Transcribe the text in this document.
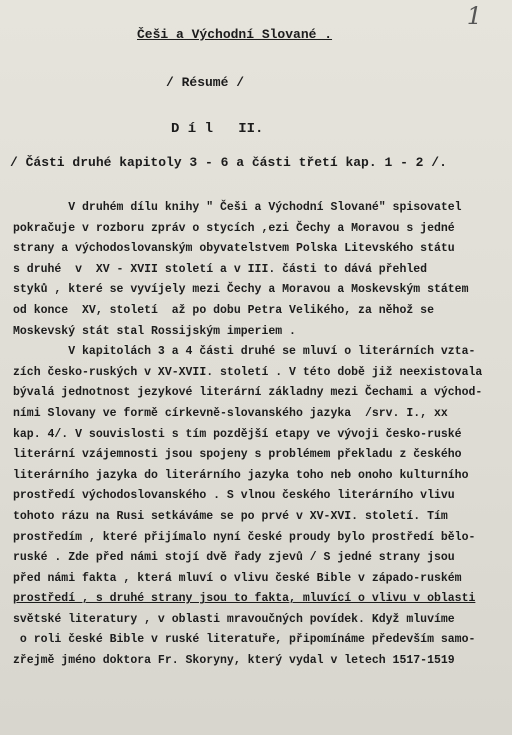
1
Češi a Východní Slované .
/ Résumé /
D í l   II.
/ Části druhé kapitoly 3 - 6 a části třetí kap. 1 - 2 /.
V druhém dílu knihy " Češi a Východní Slované" spisovatel
pokračuje v rozboru zpráv o stycích ,ezi Čechy a Moravou s jedné
strany a východoslovanským obyvatelstvem Polska Litevského státu
s druhé  v  XV - XVII století a v III. části to dává přehled
styků , které se vyvíjely mezi Čechy a Moravou a Moskevským státem
od konce  XV, století  až po dobu Petra Velikého, za něhož se
Moskevský stát stal Rossijským imperiem .
V kapitolách 3 a 4 části druhé se mluví o literárních vzta-
zích česko-ruských v XV-XVII. století . V této době již neexistovala
bývalá jednotnost jezykové literární základny mezi Čechami a východ-
ními Slovany ve formě církevně-slovanského jazyka  /srv. I., xx
kap. 4/. V souvislosti s tím pozdější etapy ve vývoji česko-ruské
literární vzájemnosti jsou spojeny s problémem překladu z českého
literárního jazyka do literárního jazyka toho neb onoho kulturního
prostředí východoslovanského . S vlnou českého literárního vlivu
tohoto rázu na Rusi setkáváme se po prvé v XV-XVI. století. Tím
prostředím , které přijímalo nyní české proudy bylo prostředí bělo-
ruské . Zde před námi stojí dvě řady zjevů / S jedné strany jsou
před námi fakta , která mluví o vlivu české Bible v západo-ruském
prostředí , s druhé strany jsou to fakta, mluvící o vlivu v oblasti
světské literatury , v oblasti mravoučných povídek. Když mluvíme
o roli české Bible v ruské literatuře, připomínáme především samo-
zřejmě jméno doktora Fr. Skoryny, který vydal v letech 1517-1519
